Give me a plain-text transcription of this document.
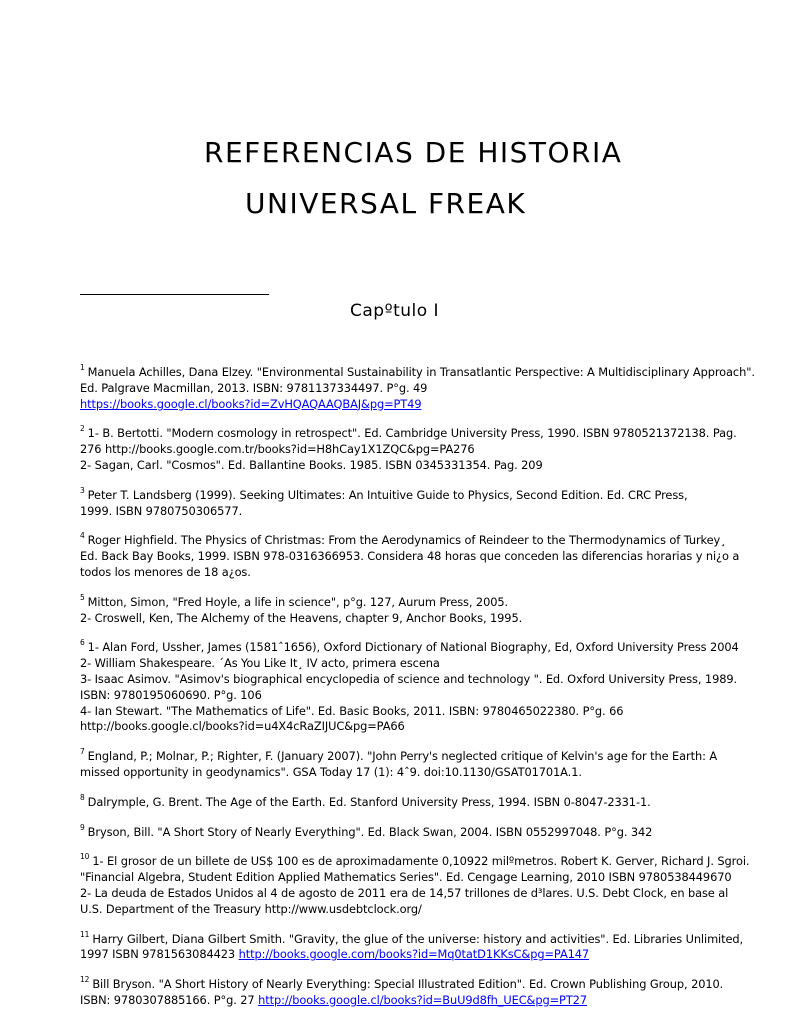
REFERENCIAS DE HISTORIA
UNIVERSAL FREAK
Capºtulo I
$^1$ Manuela Achilles, Dana Elzey. "Environmental Sustainability in Transatlantic Perspective: A Multidisciplinary Approach".
Ed. Palgrave Macmillan, 2013. ISBN: 9781137334497. P°g. 49
https://books.google.cl/books?id=ZvHQAQAAQBAJ&pg=PT49
$^2$ 1- B. Bertotti. "Modern cosmology in retrospect". Ed. Cambridge University Press, 1990. ISBN 9780521372138. Pag.
276 http://books.google.com.tr/books?id=H8hCay1X1ZQC&pg=PA276
2- Sagan, Carl. "Cosmos". Ed. Ballantine Books. 1985. ISBN 0345331354. Pag. 209
$^3$ Peter T. Landsberg (1999). Seeking Ultimates: An Intuitive Guide to Physics, Second Edition. Ed. CRC Press,
1999. ISBN 9780750306577.
$^4$ Roger Highfield. The Physics of Christmas: From the Aerodynamics of Reindeer to the Thermodynamics of Turkey¸
Ed. Back Bay Books, 1999. ISBN 978-0316366953. Considera 48 horas que conceden las diferencias horarias y ni¿o a
todos los menores de 18 a¿os.
$^5$ Mitton, Simon, "Fred Hoyle, a life in science", p°g. 127, Aurum Press, 2005.
2- Croswell, Ken, The Alchemy of the Heavens, chapter 9, Anchor Books, 1995.
$^6$ 1- Alan Ford, Ussher, James (1581ˆ1656), Oxford Dictionary of National Biography, Ed, Oxford University Press 2004
2- William Shakespeare. ´As You Like It¸ IV acto, primera escena
3- Isaac Asimov. "Asimov's biographical encyclopedia of science and technology ". Ed. Oxford University Press, 1989.
ISBN: 9780195060690. P°g. 106
4- Ian Stewart. "The Mathematics of Life". Ed. Basic Books, 2011. ISBN: 9780465022380. P°g. 66
http://books.google.cl/books?id=u4X4cRaZIJUC&pg=PA66
$^7$ England, P.; Molnar, P.; Righter, F. (January 2007). "John Perry's neglected critique of Kelvin's age for the Earth: A
missed opportunity in geodynamics". GSA Today 17 (1): 4ˆ9. doi:10.1130/GSAT01701A.1.
$^8$ Dalrymple, G. Brent. The Age of the Earth. Ed. Stanford University Press, 1994. ISBN 0-8047-2331-1.
$^9$ Bryson, Bill. "A Short Story of Nearly Everything". Ed. Black Swan, 2004. ISBN 0552997048. P°g. 342
$^{10}$ 1- El grosor de un billete de US$ 100 es de aproximadamente 0,10922 milºmetros. Robert K. Gerver, Richard J. Sgroi.
"Financial Algebra, Student Edition Applied Mathematics Series". Ed. Cengage Learning, 2010 ISBN 9780538449670
2- La deuda de Estados Unidos al 4 de agosto de 2011 era de 14,57 trillones de d³lares. U.S. Debt Clock, en base al
U.S. Department of the Treasury http://www.usdebtclock.org/
$^{11}$ Harry Gilbert, Diana Gilbert Smith. "Gravity, the glue of the universe: history and activities". Ed. Libraries Unlimited,
1997 ISBN 9781563084423 http://books.google.com/books?id=Mq0tatD1KKsC&pg=PA147
$^{12}$ Bill Bryson. "A Short History of Nearly Everything: Special Illustrated Edition". Ed. Crown Publishing Group, 2010.
ISBN: 9780307885166. P°g. 27 http://books.google.cl/books?id=BuU9d8fh_UEC&pg=PT27
